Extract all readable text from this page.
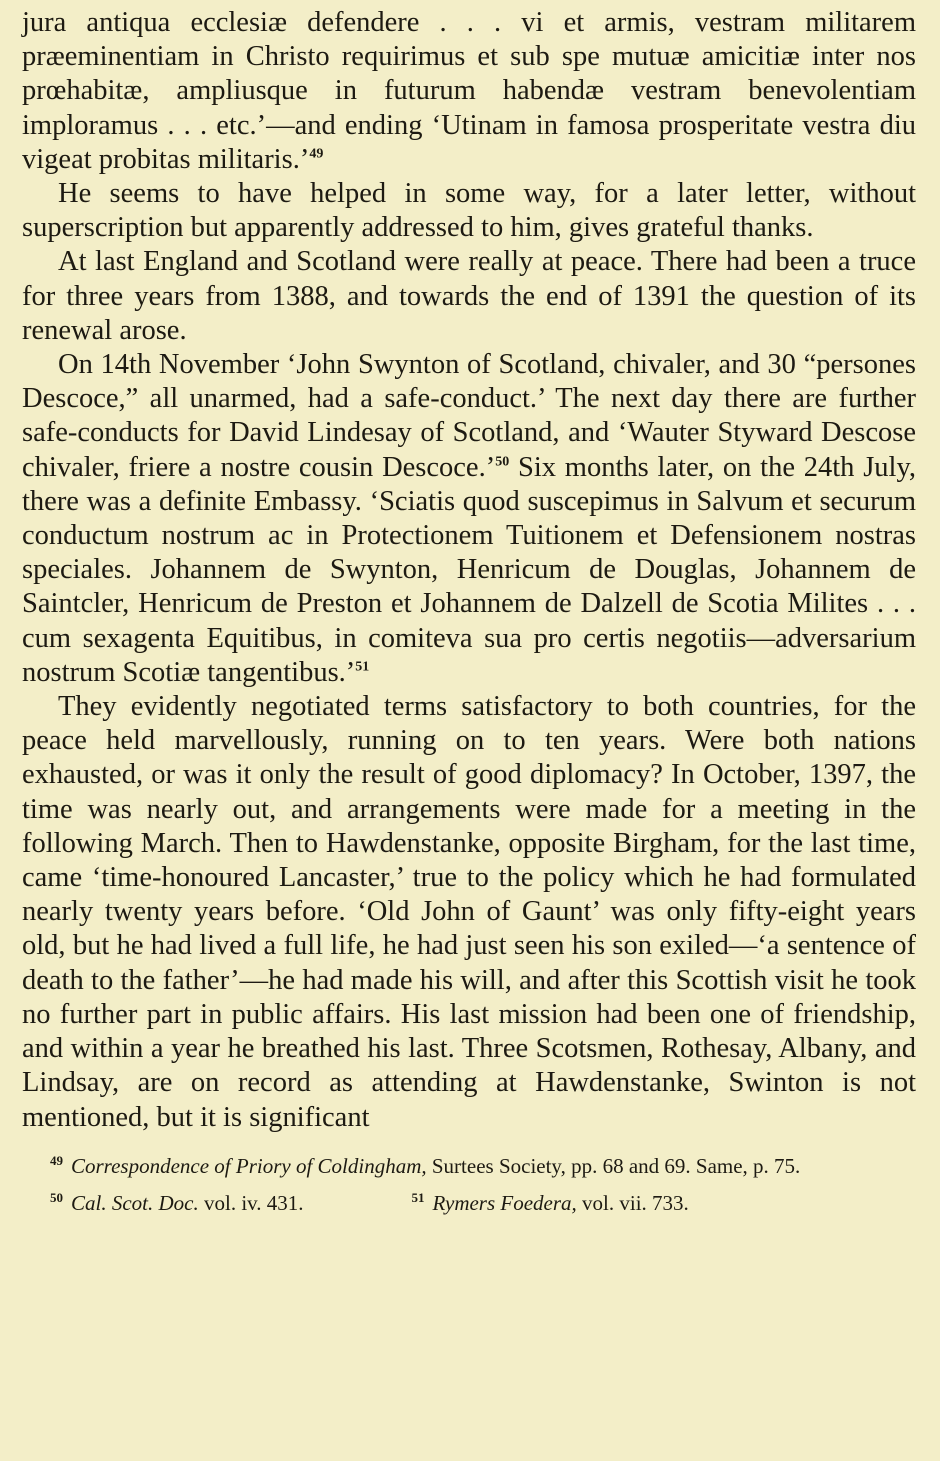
jura antiqua ecclesiæ defendere . . . vi et armis, vestram militarem præeminentiam in Christo requirimus et sub spe mutuæ amicitiæ inter nos prœhabitæ, ampliusque in futurum habendæ vestram benevolentiam imploramus . . . etc.’—and ending ‘Utinam in famosa prosperitate vestra diu vigeat probitas militaris.’$^{49}$

He seems to have helped in some way, for a later letter, without superscription but apparently addressed to him, gives grateful thanks.

At last England and Scotland were really at peace. There had been a truce for three years from 1388, and towards the end of 1391 the question of its renewal arose.

On 14th November ‘John Swynton of Scotland, chivaler, and 30 “persones Descoce,” all unarmed, had a safe-conduct.’ The next day there are further safe-conducts for David Lindesay of Scotland, and ‘Wauter Styward Descose chivaler, friere a nostre cousin Descoce.’$^{50}$ Six months later, on the 24th July, there was a definite Embassy. ‘Sciatis quod suscepimus in Salvum et securum conductum nostrum ac in Protectionem Tuitionem et Defensionem nostras speciales. Johannem de Swynton, Henricum de Douglas, Johannem de Saintcler, Henricum de Preston et Johannem de Dalzell de Scotia Milites . . . cum sexagenta Equitibus, in comiteva sua pro certis negotiis—adversarium nostrum Scotiæ tangentibus.’$^{51}$

They evidently negotiated terms satisfactory to both countries, for the peace held marvellously, running on to ten years. Were both nations exhausted, or was it only the result of good diplomacy? In October, 1397, the time was nearly out, and arrangements were made for a meeting in the following March. Then to Hawdenstanke, opposite Birgham, for the last time, came ‘time-honoured Lancaster,’ true to the policy which he had formulated nearly twenty years before. ‘Old John of Gaunt’ was only fifty-eight years old, but he had lived a full life, he had just seen his son exiled—‘a sentence of death to the father’—he had made his will, and after this Scottish visit he took no further part in public affairs. His last mission had been one of friendship, and within a year he breathed his last. Three Scotsmen, Rothesay, Albany, and Lindsay, are on record as attending at Hawdenstanke, Swinton is not mentioned, but it is significant

$^{49}$ Correspondence of Priory of Coldingham, Surtees Society, pp. 68 and 69. Same, p. 75.

$^{50}$ Cal. Scot. Doc. vol. iv. 431.	$^{51}$ Rymers Foedera, vol. vii. 733.
